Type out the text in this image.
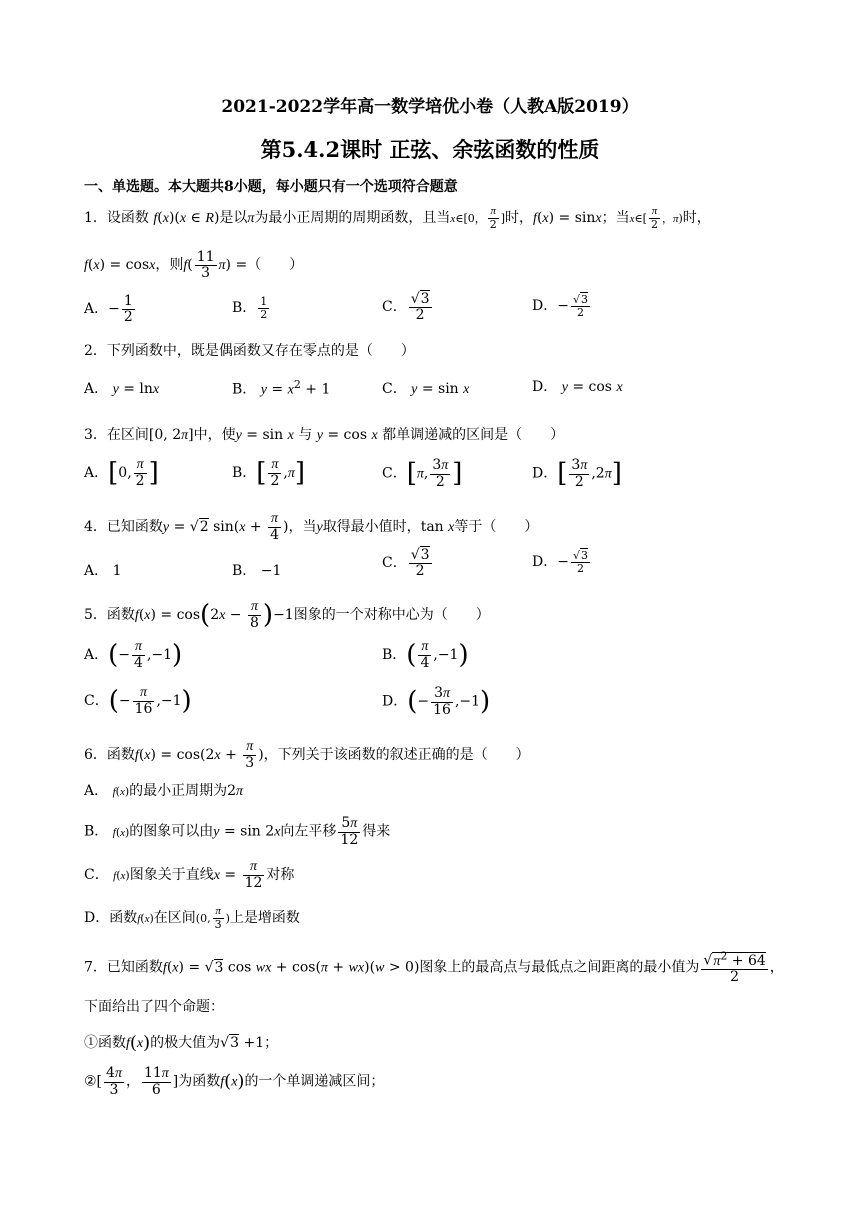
2021-2022学年高一数学培优小卷（人教A版2019）
第5.4.2课时 正弦、余弦函数的性质
一、单选题。本大题共8小题，每小题只有一个选项符合题意
1．设函数 f(x)(x ∈ R)是以π为最小正周期的周期函数，且当x∈[0， $\frac{\pi}{2}$ ]时，f(x) = sinx；当x∈[ $\frac{\pi}{2}$ ，π)时，
f(x) = cosx，则$f( \frac{11}{3} \pi)$ =（　　）
A．− $\frac{1}{2}$	B． $\frac{1}{2}$	C． $\frac{√3}{2}$	D．− $\frac{√3}{2}$
2．下列函数中，既是偶函数又存在零点的是（　　）
A． y = lnx	B． $y = x^2 + 1$	C． y = sin x	D． y = cos x
3．在区间[0, 2π]中，使y = sin x 与 y = cos x 都单调递减的区间是（　　）
A．[0, $\frac{\pi}{2}$ ]	B．[ $\frac{\pi}{2} ,\pi$]	C．[π, $\frac{3\pi}{2}$ ]	D．[ $\frac{3\pi}{2} ,2\pi$]
4．已知函数y = √2 $\sin(x + \frac{\pi}{4}$ )，当y取得最小值时，tan x等于（　　）
A． 1	B． −1	C． $\frac{√3}{2}$	D．− $\frac{√3}{2}$
5．函数$f(x) = \cos(2x - \frac{\pi}{8} )-1$图象的一个对称中心为（　　）
A．(− $\frac{\pi}{4} ,-1$)	B．( $\frac{\pi}{4} ,-1$)
C．(− $\frac{\pi}{16} ,-1$)	D．(− $\frac{3\pi}{16} ,-1$)
6．函数$f(x) = \cos(2x + \frac{\pi}{3}$ )，下列关于该函数的叙述正确的是（　　）
A． f(x)的最小正周期为2π
B． f(x)的图象可以由y = sin 2x向左平移 $\frac{5\pi}{12}$ 得来
C． f(x)图象关于直线$x = \frac{\pi}{12}$ 对称
D．函数f(x)在区间(0, $\frac{\pi}{3}$ )上是增函数
7．已知函数f(x) = √3 cos wx + cos(π + wx)(w > 0)图象上的最高点与最低点之间距离的最小值为 $\frac{√\pi^2 + 64}{2}$ ，
下面给出了四个命题：
①函数f(x)的极大值为√3 +1；
②[ $\frac{4\pi}{3}$ ， $\frac{11\pi}{6}$ ]为函数f(x)的一个单调递减区间；
